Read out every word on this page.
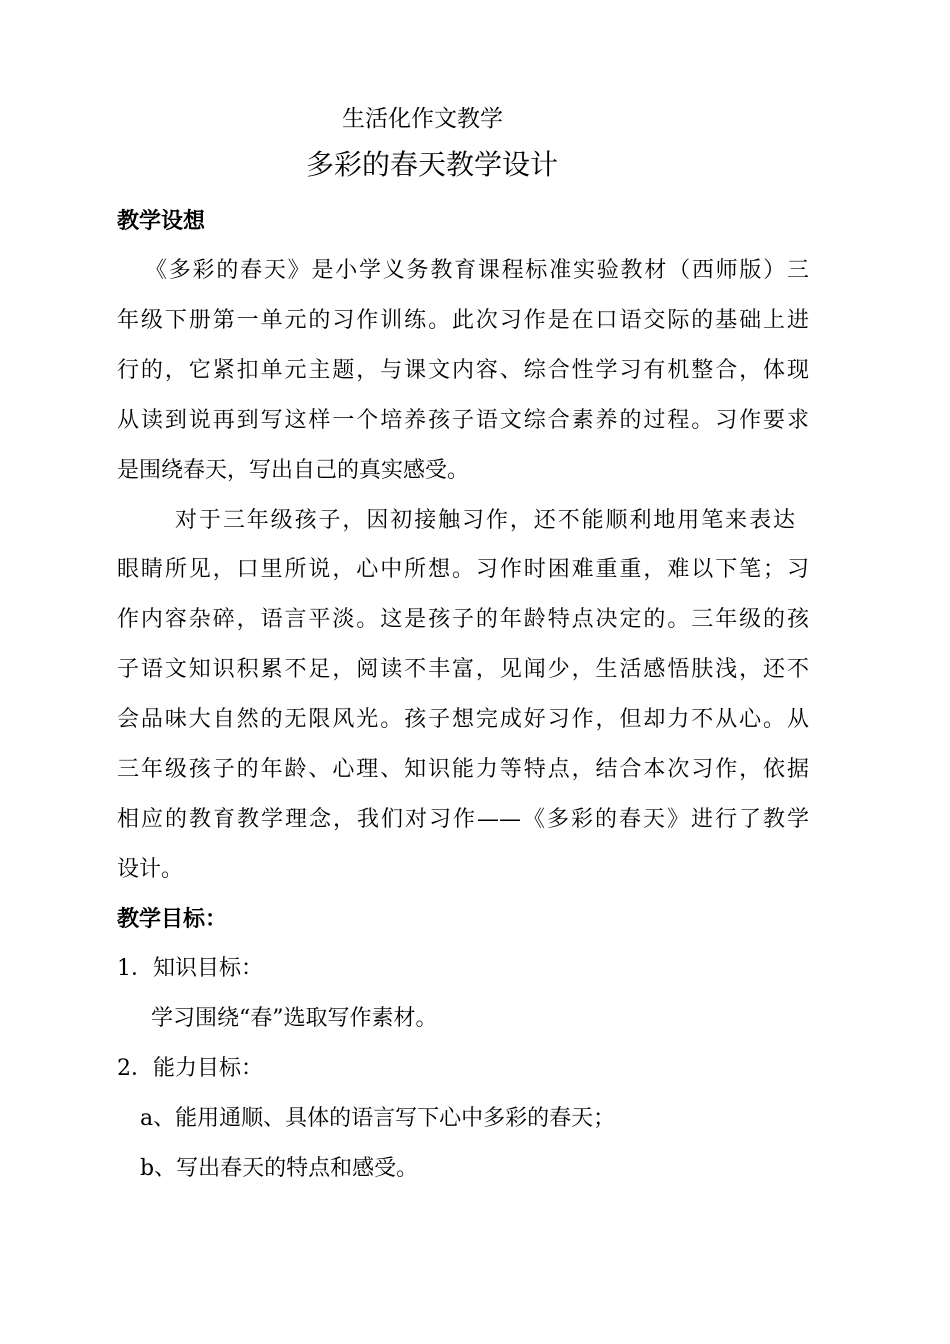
生活化作文教学

多彩的春天教学设计
教学设想

《多彩的春天》是小学义务教育课程标准实验教材（西师版）三

年级下册第一单元的习作训练。此次习作是在口语交际的基础上进

行的，它紧扣单元主题，与课文内容、综合性学习有机整合，体现

从读到说再到写这样一个培养孩子语文综合素养的过程。习作要求

是围绕春天，写出自己的真实感受。

对于三年级孩子，因初接触习作，还不能顺利地用笔来表达

眼睛所见，口里所说，心中所想。习作时困难重重，难以下笔；习

作内容杂碎，语言平淡。这是孩子的年龄特点决定的。三年级的孩

子语文知识积累不足，阅读不丰富，见闻少，生活感悟肤浅，还不

会品味大自然的无限风光。孩子想完成好习作，但却力不从心。从

三年级孩子的年龄、心理、知识能力等特点，结合本次习作，依据

相应的教育教学理念，我们对习作——《多彩的春天》进行了教学

设计。

教学目标：

1．知识目标：

学习围绕“春”选取写作素材。

2．能力目标：

a、能用通顺、具体的语言写下心中多彩的春天；

b、写出春天的特点和感受。
